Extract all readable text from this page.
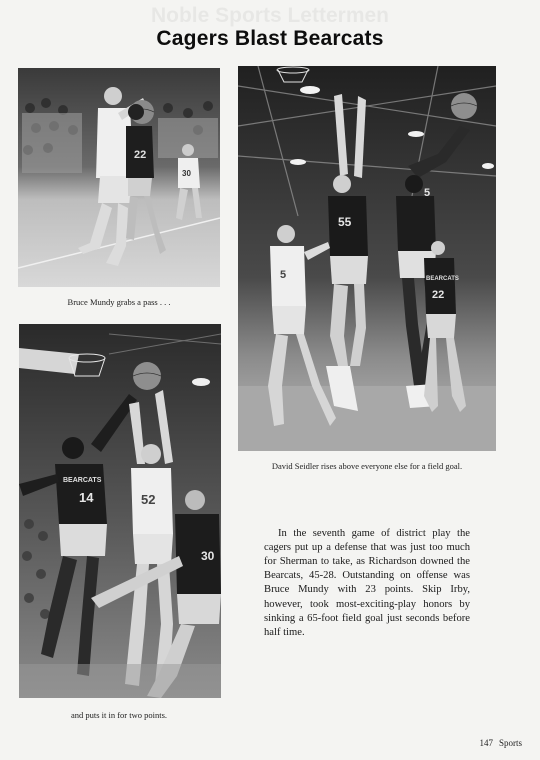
Noble Sports Lettermen
Cagers Blast Bearcats
22
30
Bruce Mundy grabs a pass . . .
55
5
5	BEARCATS
22
David Seidler rises above everyone else for a field goal.
BEARCATS
14	52
30
and puts it in for two points.

In the seventh game of district play the cagers put up a defense that was just too much for Sherman to take, as Richardson downed the Bearcats, 45-28. Outstanding on offense was Bruce Mundy with 23 points. Skip Irby, however, took most-exciting-play honors by sinking a 65-foot field goal just seconds before half time.

147 Sports
